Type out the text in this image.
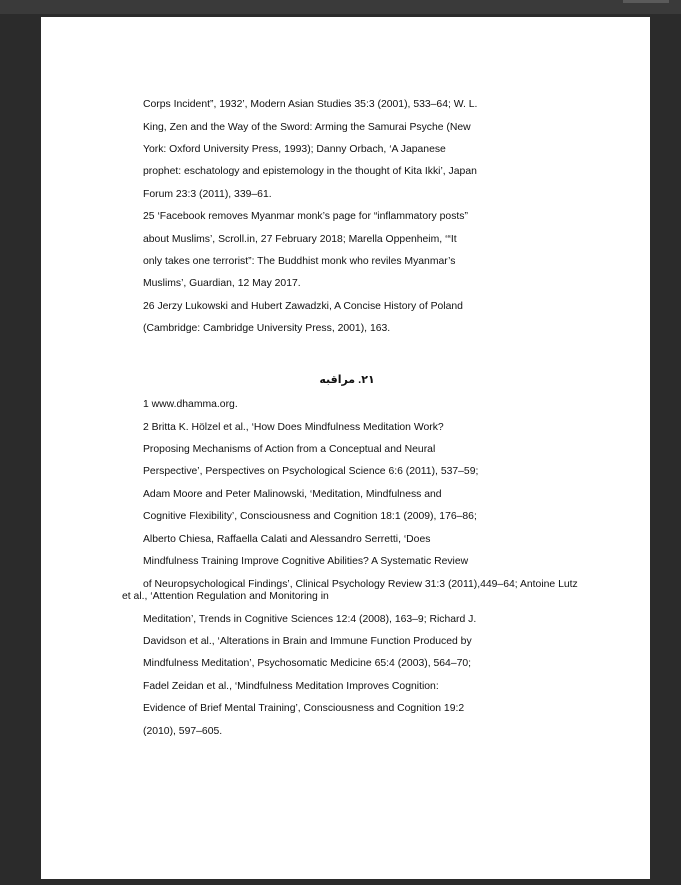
Corps Incident”, 1932’, Modern Asian Studies 35:3 (2001), 533–64; W. L.
King, Zen and the Way of the Sword: Arming the Samurai Psyche (New
York: Oxford University Press, 1993); Danny Orbach, ‘A Japanese
prophet: eschatology and epistemology in the thought of Kita Ikki’, Japan
Forum 23:3 (2011), 339–61.
25 ‘Facebook removes Myanmar monk’s page for “inflammatory posts”
about Muslims’, Scroll.in, 27 February 2018; Marella Oppenheim, ‘“It
only takes one terrorist”: The Buddhist monk who reviles Myanmar’s
Muslims’, Guardian, 12 May 2017.
26 Jerzy Lukowski and Hubert Zawadzki, A Concise History of Poland
(Cambridge: Cambridge University Press, 2001), 163.
۲۱. مراقبه
1 www.dhamma.org.
2 Britta K. Hölzel et al., ‘How Does Mindfulness Meditation Work?
Proposing Mechanisms of Action from a Conceptual and Neural
Perspective’, Perspectives on Psychological Science 6:6 (2011), 537–59;
Adam Moore and Peter Malinowski, ‘Meditation, Mindfulness and
Cognitive Flexibility’, Consciousness and Cognition 18:1 (2009), 176–86;
Alberto Chiesa, Raffaella Calati and Alessandro Serretti, ‘Does
Mindfulness Training Improve Cognitive Abilities? A Systematic Review
of Neuropsychological Findings’, Clinical Psychology Review 31:3 (2011),449–64; Antoine Lutz
et al., ‘Attention Regulation and Monitoring in
Meditation’, Trends in Cognitive Sciences 12:4 (2008), 163–9; Richard J.
Davidson et al., ‘Alterations in Brain and Immune Function Produced by
Mindfulness Meditation’, Psychosomatic Medicine 65:4 (2003), 564–70;
Fadel Zeidan et al., ‘Mindfulness Meditation Improves Cognition:
Evidence of Brief Mental Training’, Consciousness and Cognition 19:2
(2010), 597–605.
